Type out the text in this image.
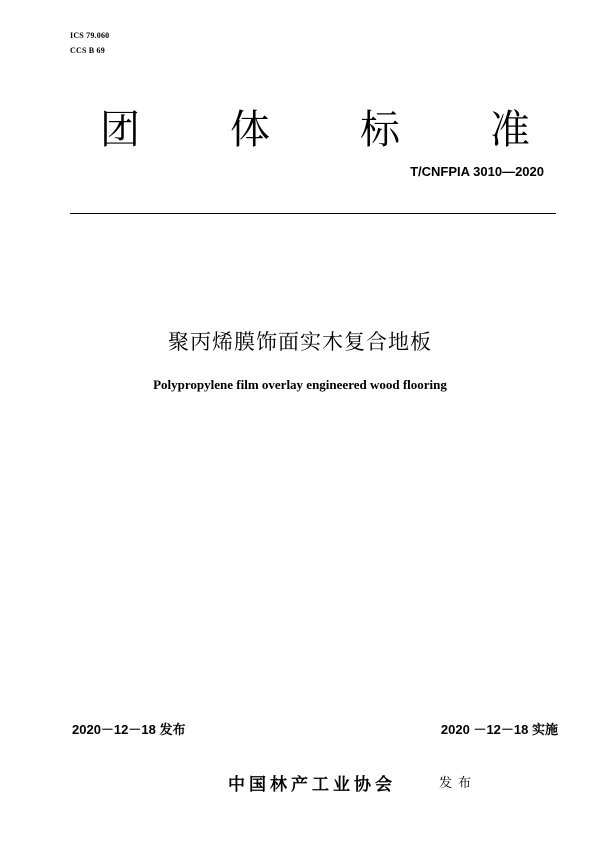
ICS 79.060
CCS B 69
团 体 标 准
T/CNFPIA 3010—2020
聚丙烯膜饰面实木复合地板
Polypropylene film overlay engineered wood flooring
2020－12－18 发布	2020 －12－18 实施
中国林产工业协会	发布
